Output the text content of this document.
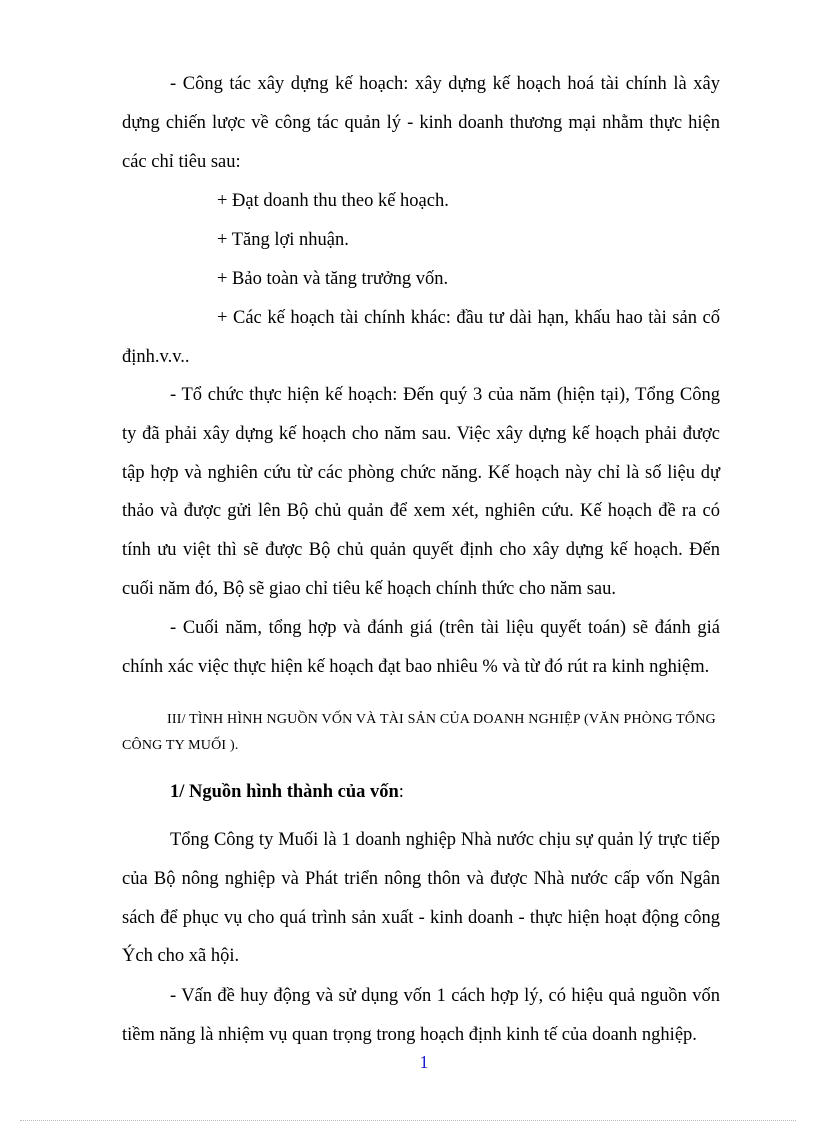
- Công tác xây dựng kế hoạch: xây dựng kế hoạch hoá tài chính là xây dựng chiến lược về công tác quản lý - kinh doanh thương mại nhằm thực hiện các chỉ tiêu sau:

+ Đạt doanh thu theo kế hoạch.

+ Tăng lợi nhuận.

+ Bảo toàn và tăng trưởng vốn.

+ Các kế hoạch tài chính khác: đầu tư dài hạn, khấu hao tài sản cố định.v.v..

- Tổ chức thực hiện kế hoạch: Đến quý 3 của năm (hiện tại), Tổng Công ty đã phải xây dựng kế hoạch cho năm sau. Việc xây dựng kế hoạch phải được tập hợp và nghiên cứu từ các phòng chức năng. Kế hoạch này chỉ là số liệu dự thảo và được gửi lên Bộ chủ quản để xem xét, nghiên cứu. Kế hoạch đề ra có tính ưu việt thì sẽ được Bộ chủ quản quyết định cho xây dựng kế hoạch. Đến cuối năm đó, Bộ sẽ giao chỉ tiêu kế hoạch chính thức cho năm sau.

- Cuối năm, tổng hợp và đánh giá (trên tài liệu quyết toán) sẽ đánh giá chính xác việc thực hiện kế hoạch đạt bao nhiêu % và từ đó rút ra kinh nghiệm.

III/ TÌNH HÌNH NGUỒN VỐN VÀ TÀI SẢN CỦA DOANH NGHIỆP (VĂN PHÒNG TỔNG CÔNG TY MUỐI ).

1/ Nguồn hình thành của vốn:

Tổng Công ty Muối là 1 doanh nghiệp Nhà nước chịu sự quản lý trực tiếp của Bộ nông nghiệp và Phát triển nông thôn và được Nhà nước cấp vốn Ngân sách để phục vụ cho quá trình sản xuất - kinh doanh - thực hiện hoạt động công Ých cho xã hội.

- Vấn đề huy động và sử dụng vốn 1 cách hợp lý, có hiệu quả nguồn vốn tiềm năng là nhiệm vụ quan trọng trong hoạch định kinh tế của doanh nghiệp.

1
